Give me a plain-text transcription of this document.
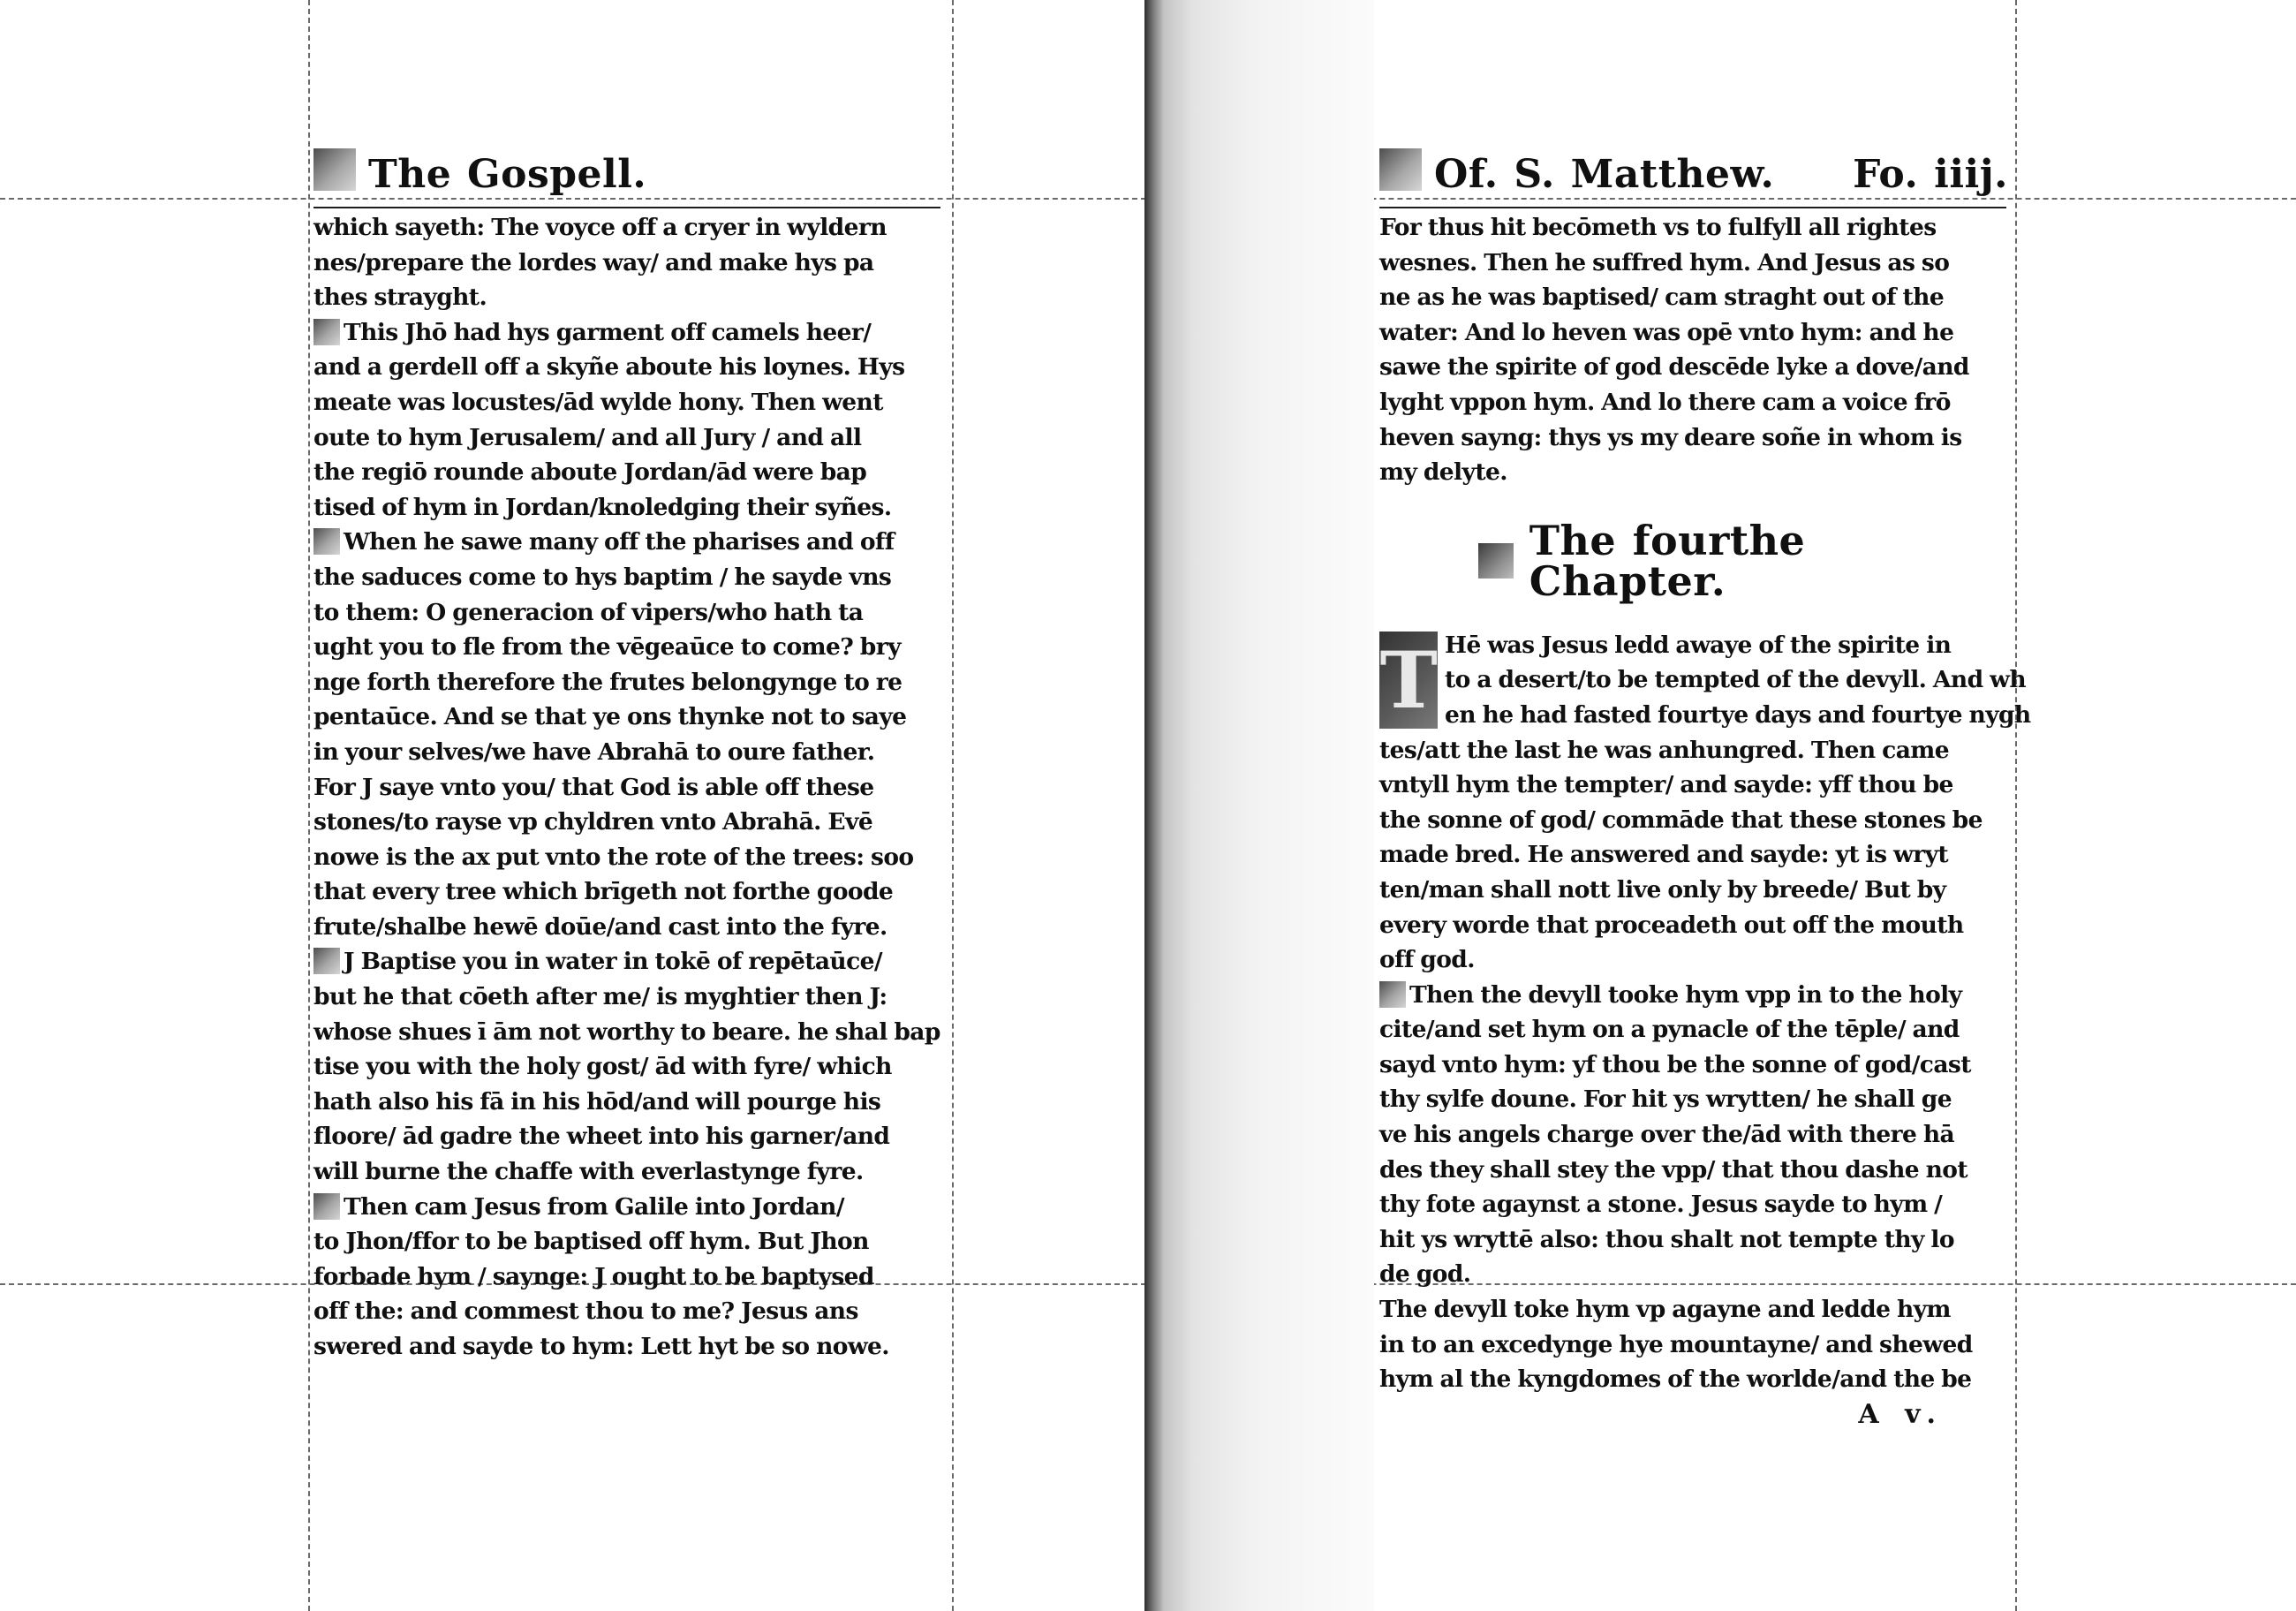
The Gospell.
which sayeth: The voyce off a cryer in wyldern
nes/prepare the lordes way/ and make hys pa
thes strayght.
This Jhō had hys garment off camels heer/
and a gerdell off a skyñe aboute his loynes. Hys
meate was locustes/ād wylde hony. Then went
oute to hym Jerusalem/ and all Jury / and all
the regiō rounde aboute Jordan/ād were bap
tised of hym in Jordan/knoledging their syñes.
When he sawe many off the pharises and off
the saduces come to hys baptim / he sayde vns
to them: O generacion of vipers/who hath ta
ught you to fle from the vēgeaūce to come? bry
nge forth therefore the frutes belongynge to re
pentaūce. And se that ye ons thynke not to saye
in your selves/we have Abrahā to oure father.
For J saye vnto you/ that God is able off these
stones/to rayse vp chyldren vnto Abrahā. Evē
nowe is the ax put vnto the rote of the trees: soo
that every tree which brīgeth not forthe goode
frute/shalbe hewē doūe/and cast into the fyre.
J Baptise you in water in tokē of repētaūce/
but he that cōeth after me/ is myghtier then J:
whose shues ī ām not worthy to beare. he shal bap
tise you with the holy gost/ ād with fyre/ which
hath also his fā in his hōd/and will pourge his
floore/ ād gadre the wheet into his garner/and
will burne the chaffe with everlastynge fyre.
Then cam Jesus from Galile into Jordan/
to Jhon/ffor to be baptised off hym. But Jhon
forbade hym / saynge: J ought to be baptysed
off the: and commest thou to me? Jesus ans
swered and sayde to hym: Lett hyt be so nowe.
Of. S. Matthew. Fo. iiij.
For thus hit becōmeth vs to fulfyll all rightes
wesnes. Then he suffred hym. And Jesus as so
ne as he was baptised/ cam straght out of the
water: And lo heven was opē vnto hym: and he
sawe the spirite of god descēde lyke a dove/and
lyght vppon hym. And lo there cam a voice frō
heven sayng: thys ys my deare soñe in whom is
my delyte.
The fourthe Chapter.
T Hē was Jesus ledd awaye of the spirite in
to a desert/to be tempted of the devyll. And wh
en he had fasted fourtye days and fourtye nygh
tes/att the last he was anhungred. Then came
vntyll hym the tempter/ and sayde: yff thou be
the sonne of god/ commāde that these stones be
made bred. He answered and sayde: yt is wryt
ten/man shall nott live only by breede/ But by
every worde that proceadeth out off the mouth
off god.
Then the devyll tooke hym vpp in to the holy
cite/and set hym on a pynacle of the tēple/ and
sayd vnto hym: yf thou be the sonne of god/cast
thy sylfe doune. For hit ys wrytten/ he shall ge
ve his angels charge over the/ād with there hā
des they shall stey the vpp/ that thou dashe not
thy fote agaynst a stone. Jesus sayde to hym /
hit ys wryttē also: thou shalt not tempte thy lo
de god.
The devyll toke hym vp agayne and ledde hym
in to an excedynge hye mountayne/ and shewed
hym al the kyngdomes of the worlde/and the be
A v.
